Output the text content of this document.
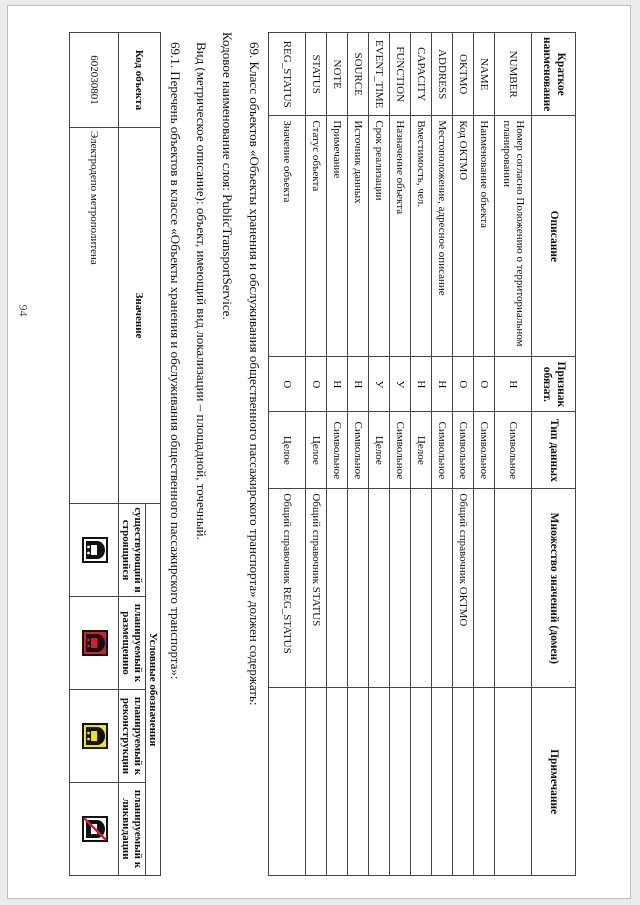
94
Краткое наименование	Описание	Признак обязат.	Тип данных	Множество значений (домен)	Примечание
NUMBER	Номер согласно Положению о территориальном планировании	Н	Символьное		
NAME	Наименование объекта	О	Символьное		
OKTMO	Код ОКТМО	О	Символьное	Общий справочник ОКТМО	
ADDRESS	Местоположение, адресное описание	Н	Символьное		
CAPACITY	Вместимость, чел.	Н	Целое		
FUNCTION	Назначение объекта	У	Символьное		
EVENT_TIME	Срок реализации	У	Целое		
SOURCE	Источник данных	Н	Символьное		
NOTE	Примечание	Н	Символьное		
STATUS	Статус объекта	О	Целое	Общий справочник STATUS	
REG_STATUS	Значение объекта	О	Целое	Общий справочник REG_STATUS	
69. Класс объектов «Объекты хранения и обслуживания общественного пассажирского транспорта» должен содержать:
Кодовое наименование слоя: PublicTransportService.
Вид (метрическое описание): объект, имеющий вид локализации – площадной, точечный.
69.1. Перечень объектов в классе «Объекты хранения и обслуживания общественного пассажирского транспорта»:
Код объекта	Значение	Условные обозначения			
		существующий и строящийся	планируемый к размещению	планируемый к реконструкции	планируемый к ликвидации
602030801	Электродепо метрополитена	
